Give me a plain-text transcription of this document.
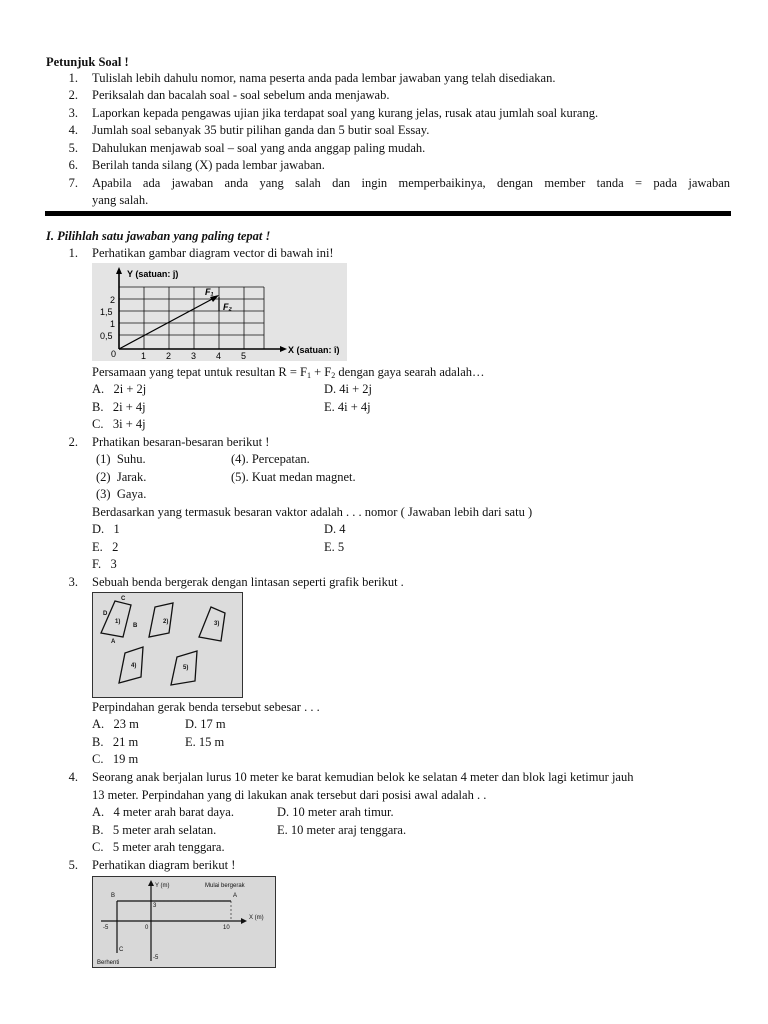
Petunjuk Soal !
1. Tulislah lebih dahulu nomor, nama peserta anda pada lembar jawaban yang telah disediakan.
2. Periksalah dan bacalah soal - soal sebelum anda menjawab.
3. Laporkan kepada pengawas ujian jika terdapat soal yang kurang jelas, rusak atau jumlah soal kurang.
4. Jumlah soal sebanyak 35 butir pilihan ganda dan 5 butir soal Essay.
5. Dahulukan menjawab soal – soal yang anda anggap paling mudah.
6. Berilah tanda silang (X) pada lembar jawaban.
7. Apabila ada jawaban anda yang salah dan ingin memperbaikinya, dengan member tanda = pada jawaban
yang salah.
I. Pilihlah satu jawaban yang paling tepat !
1. Perhatikan gambar diagram vector di bawah ini!
Y (satuan: ĵ)
X (satuan: î)
2
1,5
1
0,5
0	1 2 3 4 5
F₁
F₂
Persamaan yang tepat untuk resultan $R = F_1 + F_2$ dengan gaya searah adalah…
A. 2i + 2j
B. 2i + 4j
C. 3i + 4j
D. 4i + 2j
E. 4i + 4j
2. Prhatikan besaran-besaran berikut !
(1) Suhu.
(2) Jarak.
(3) Gaya.
(4). Percepatan.
(5). Kuat medan magnet.
Berdasarkan yang termasuk besaran vaktor adalah . . . nomor ( Jawaban lebih dari satu )
D. 1
E. 2
F. 3
D. 4
E. 5
3. Sebuah benda bergerak dengan lintasan seperti grafik berikut .
1)	2)	3)
4)	5)
A
B
C
D
Perpindahan gerak benda tersebut sebesar . . .
A. 23 m
B. 21 m
C. 19 m
D. 17 m
E. 15 m
4. Seorang anak berjalan lurus 10 meter ke barat kemudian belok ke selatan 4 meter dan blok lagi ketimur jauh
13 meter. Perpindahan yang di lakukan anak tersebut dari posisi awal adalah . .
A. 4 meter arah barat daya.
B. 5 meter arah selatan.
C. 5 meter arah tenggara.
D. 10 meter arah timur.
E. 10 meter araj tenggara.
5. Perhatikan diagram berikut !
Y (m)
X (m)
Mulai bergerak
Berhenti
A
B
C
3
0	10
-5
-5
